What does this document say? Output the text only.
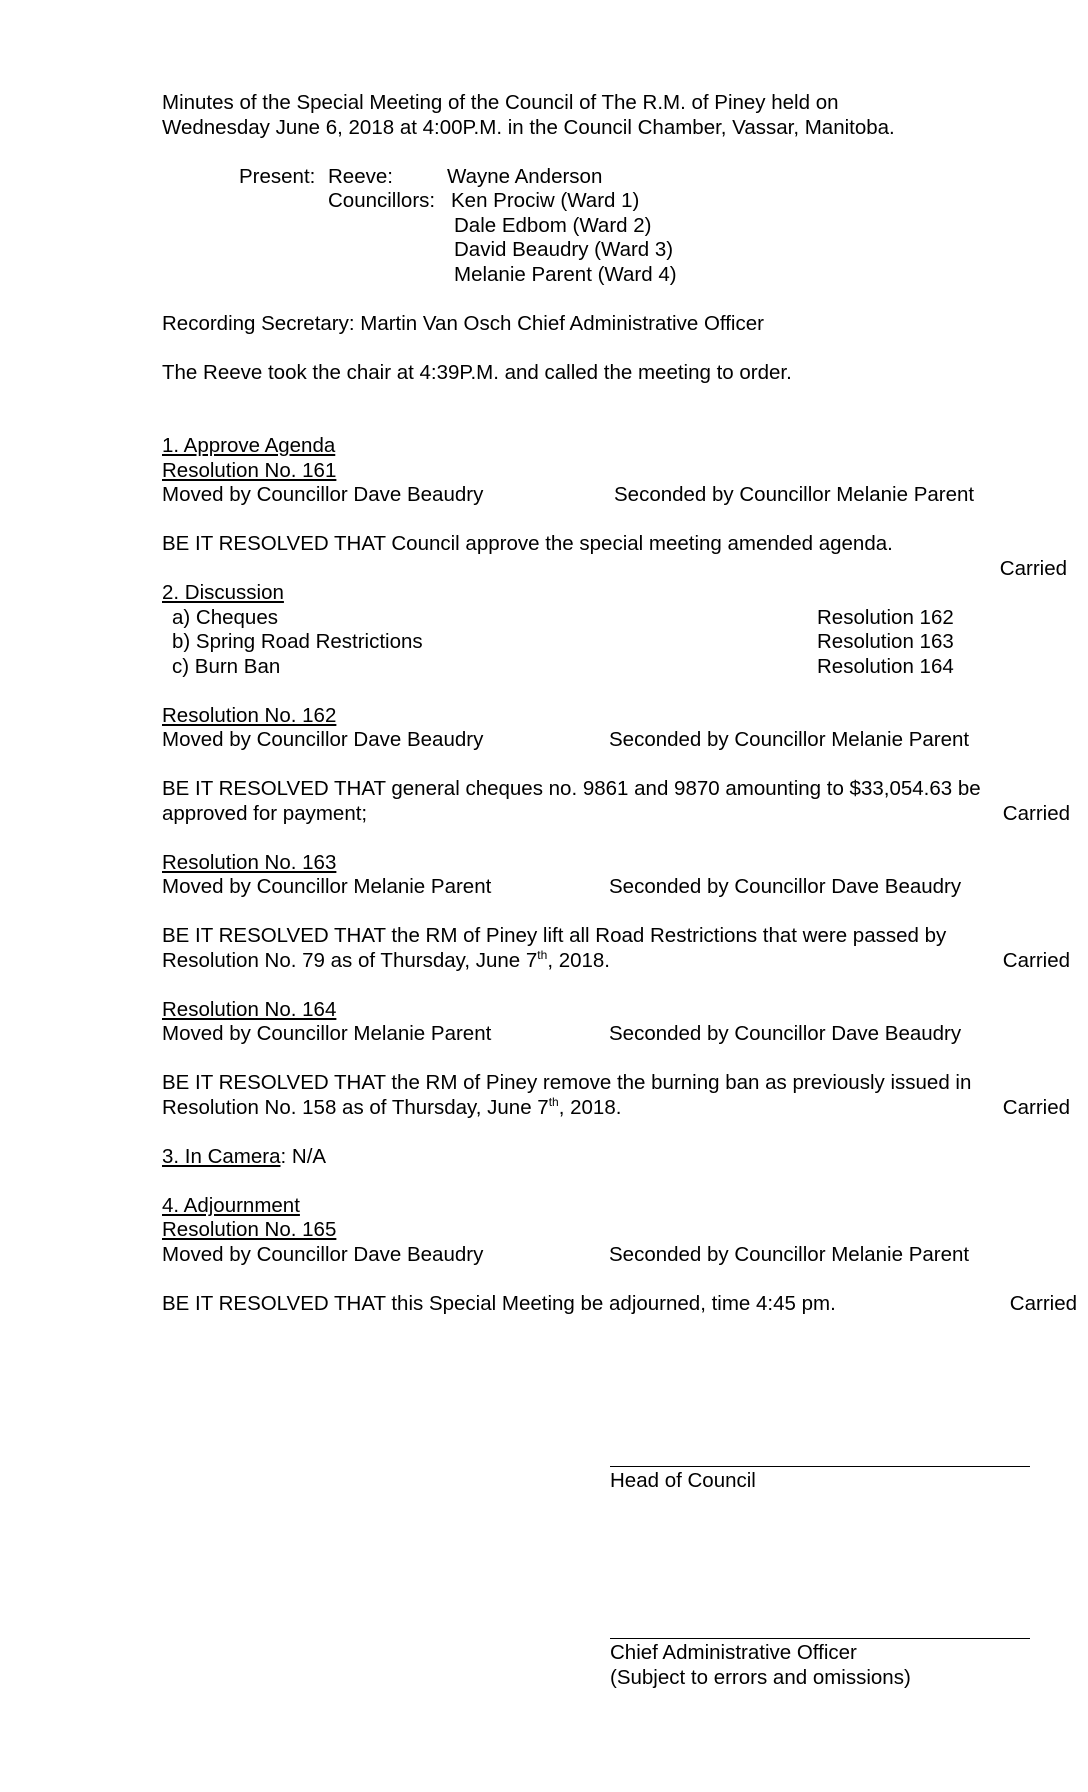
Minutes of the Special Meeting of the Council of The R.M. of Piney held on
Wednesday June 6, 2018 at 4:00P.M. in the Council Chamber, Vassar, Manitoba.
Present: Reeve:	Wayne Anderson
Councillors: Ken Prociw (Ward 1)
Dale Edbom (Ward 2)
David Beaudry (Ward 3)
Melanie Parent (Ward 4)
Recording Secretary: Martin Van Osch Chief Administrative Officer
The Reeve took the chair at 4:39P.M. and called the meeting to order.
1. Approve Agenda
Resolution No. 161
Moved by Councillor Dave Beaudry	Seconded by Councillor Melanie Parent
BE IT RESOLVED THAT Council approve the special meeting amended agenda.
Carried
2. Discussion
a) Cheques	Resolution 162
b) Spring Road Restrictions	Resolution 163
c) Burn Ban	Resolution 164
Resolution No. 162
Moved by Councillor Dave Beaudry	Seconded by Councillor Melanie Parent
BE IT RESOLVED THAT general cheques no. 9861 and 9870 amounting to $33,054.63 be
approved for payment;	Carried
Resolution No. 163
Moved by Councillor Melanie Parent	Seconded by Councillor Dave Beaudry
BE IT RESOLVED THAT the RM of Piney lift all Road Restrictions that were passed by
Resolution No. 79 as of Thursday, June 7th, 2018.	Carried
Resolution No. 164
Moved by Councillor Melanie Parent	Seconded by Councillor Dave Beaudry
BE IT RESOLVED THAT the RM of Piney remove the burning ban as previously issued in
Resolution No. 158 as of Thursday, June 7th, 2018.	Carried
3. In Camera: N/A
4. Adjournment
Resolution No. 165
Moved by Councillor Dave Beaudry	Seconded by Councillor Melanie Parent
BE IT RESOLVED THAT this Special Meeting be adjourned, time 4:45 pm.	Carried
Head of Council
Chief Administrative Officer
(Subject to errors and omissions)
